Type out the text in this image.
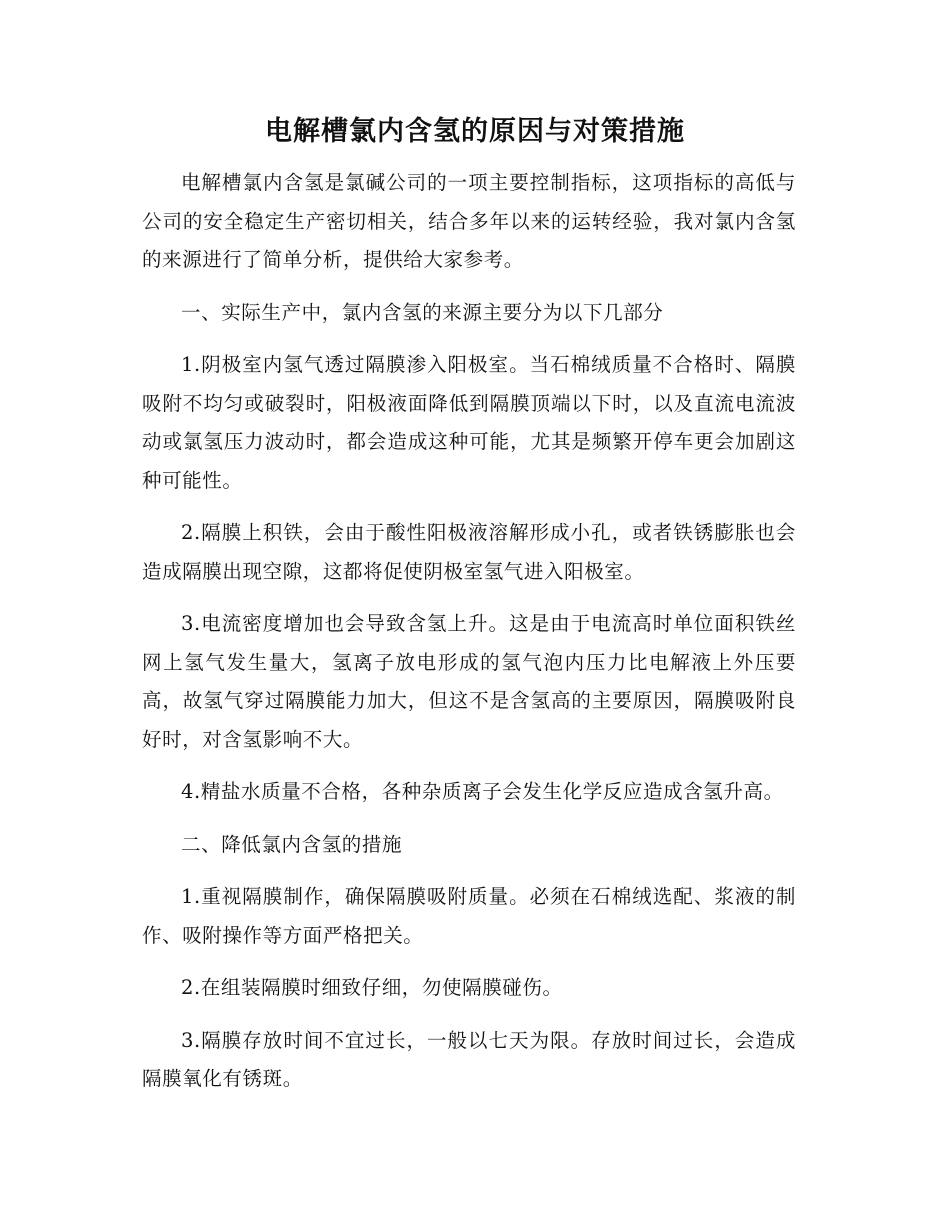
电解槽氯内含氢的原因与对策措施

电解槽氯内含氢是氯碱公司的一项主要控制指标，这项指标的高低与公司的安全稳定生产密切相关，结合多年以来的运转经验，我对氯内含氢的来源进行了简单分析，提供给大家参考。

一、实际生产中，氯内含氢的来源主要分为以下几部分

1.阴极室内氢气透过隔膜渗入阳极室。当石棉绒质量不合格时、隔膜吸附不均匀或破裂时，阳极液面降低到隔膜顶端以下时，以及直流电流波动或氯氢压力波动时，都会造成这种可能，尤其是频繁开停车更会加剧这种可能性。

2.隔膜上积铁，会由于酸性阳极液溶解形成小孔，或者铁锈膨胀也会造成隔膜出现空隙，这都将促使阴极室氢气进入阳极室。

3.电流密度增加也会导致含氢上升。这是由于电流高时单位面积铁丝网上氢气发生量大，氢离子放电形成的氢气泡内压力比电解液上外压要高，故氢气穿过隔膜能力加大，但这不是含氢高的主要原因，隔膜吸附良好时，对含氢影响不大。

4.精盐水质量不合格，各种杂质离子会发生化学反应造成含氢升高。

二、降低氯内含氢的措施

1.重视隔膜制作，确保隔膜吸附质量。必须在石棉绒选配、浆液的制作、吸附操作等方面严格把关。

2.在组装隔膜时细致仔细，勿使隔膜碰伤。

3.隔膜存放时间不宜过长，一般以七天为限。存放时间过长，会造成隔膜氧化有锈斑。
